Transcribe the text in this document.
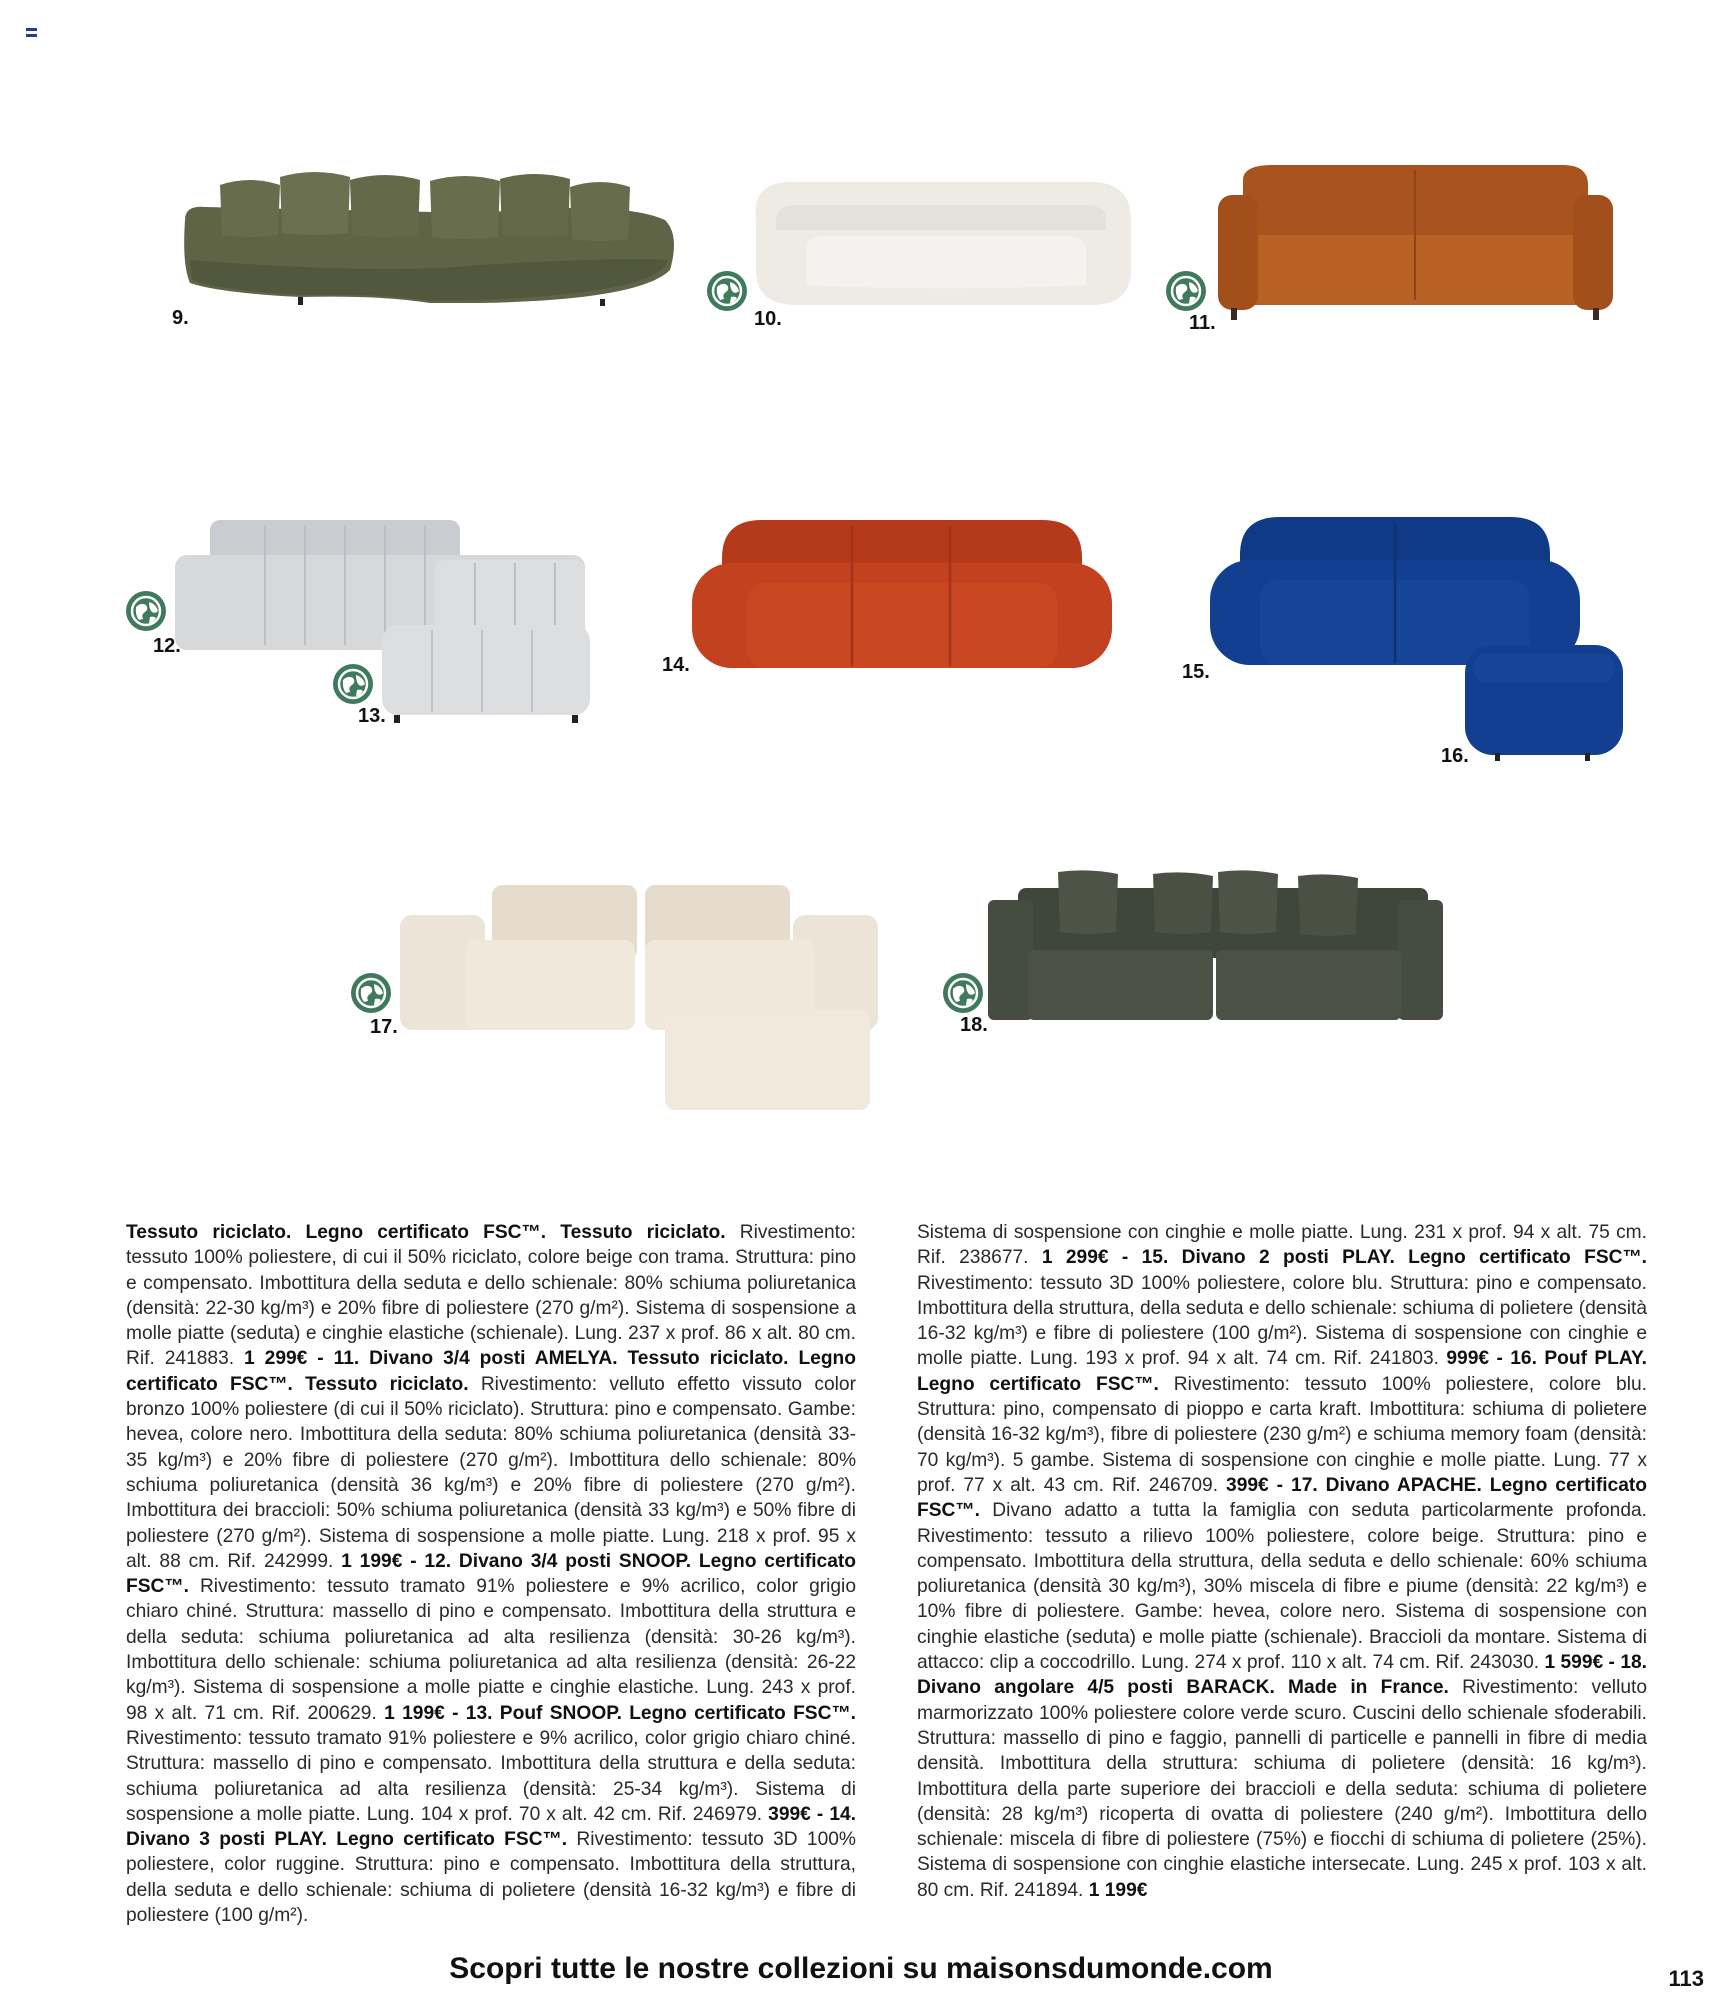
9.	10.	11.
12.
13.
14.	15.
16.
17.	18.
Tessuto riciclato. Legno certificato FSC™. Tessuto riciclato. Rivestimento: tessuto 100% poliestere, di cui il 50% riciclato, colore beige con trama. Struttura: pino e compensato. Imbottitura della seduta e dello schienale: 80% schiuma poliuretanica (densità: 22-30 kg/m³) e 20% fibre di poliestere (270 g/m²). Sistema di sospensione a molle piatte (seduta) e cinghie elastiche (schienale). Lung. 237 x prof. 86 x alt. 80 cm. Rif. 241883. 1 299€ - 11. Divano 3/4 posti AMELYA. Tessuto riciclato. Legno certificato FSC™. Tessuto riciclato. Rivestimento: velluto effetto vissuto color bronzo 100% poliestere (di cui il 50% riciclato). Struttura: pino e compensato. Gambe: hevea, colore nero. Imbottitura della seduta: 80% schiuma poliuretanica (densità 33-35 kg/m³) e 20% fibre di poliestere (270 g/m²). Imbottitura dello schienale: 80% schiuma poliuretanica (densità 36 kg/m³) e 20% fibre di poliestere (270 g/m²). Imbottitura dei braccioli: 50% schiuma poliuretanica (densità 33 kg/m³) e 50% fibre di poliestere (270 g/m²). Sistema di sospensione a molle piatte. Lung. 218 x prof. 95 x alt. 88 cm. Rif. 242999. 1 199€ - 12. Divano 3/4 posti SNOOP. Legno certificato FSC™. Rivestimento: tessuto tramato 91% poliestere e 9% acrilico, color grigio chiaro chiné. Struttura: massello di pino e compensato. Imbottitura della struttura e della seduta: schiuma poliuretanica ad alta resilienza (densità: 30-26 kg/m³). Imbottitura dello schienale: schiuma poliuretanica ad alta resilienza (densità: 26-22 kg/m³). Sistema di sospensione a molle piatte e cinghie elastiche. Lung. 243 x prof. 98 x alt. 71 cm. Rif. 200629. 1 199€ - 13. Pouf SNOOP. Legno certificato FSC™. Rivestimento: tessuto tramato 91% poliestere e 9% acrilico, color grigio chiaro chiné. Struttura: massello di pino e compensato. Imbottitura della struttura e della seduta: schiuma poliuretanica ad alta resilienza (densità: 25-34 kg/m³). Sistema di sospensione a molle piatte. Lung. 104 x prof. 70 x alt. 42 cm. Rif. 246979. 399€ - 14. Divano 3 posti PLAY. Legno certificato FSC™. Rivestimento: tessuto 3D 100% poliestere, color ruggine. Struttura: pino e compensato. Imbottitura della struttura, della seduta e dello schienale: schiuma di polietere (densità 16-32 kg/m³) e fibre di poliestere (100 g/m²).
Sistema di sospensione con cinghie e molle piatte. Lung. 231 x prof. 94 x alt. 75 cm. Rif. 238677. 1 299€ - 15. Divano 2 posti PLAY. Legno certificato FSC™. Rivestimento: tessuto 3D 100% poliestere, colore blu. Struttura: pino e compensato. Imbottitura della struttura, della seduta e dello schienale: schiuma di polietere (densità 16-32 kg/m³) e fibre di poliestere (100 g/m²). Sistema di sospensione con cinghie e molle piatte. Lung. 193 x prof. 94 x alt. 74 cm. Rif. 241803. 999€ - 16. Pouf PLAY. Legno certificato FSC™. Rivestimento: tessuto 100% poliestere, colore blu. Struttura: pino, compensato di pioppo e carta kraft. Imbottitura: schiuma di polietere (densità 16-32 kg/m³), fibre di poliestere (230 g/m²) e schiuma memory foam (densità: 70 kg/m³). 5 gambe. Sistema di sospensione con cinghie e molle piatte. Lung. 77 x prof. 77 x alt. 43 cm. Rif. 246709. 399€ - 17. Divano APACHE. Legno certificato FSC™. Divano adatto a tutta la famiglia con seduta particolarmente profonda. Rivestimento: tessuto a rilievo 100% poliestere, colore beige. Struttura: pino e compensato. Imbottitura della struttura, della seduta e dello schienale: 60% schiuma poliuretanica (densità 30 kg/m³), 30% miscela di fibre e piume (densità: 22 kg/m³) e 10% fibre di poliestere. Gambe: hevea, colore nero. Sistema di sospensione con cinghie elastiche (seduta) e molle piatte (schienale). Braccioli da montare. Sistema di attacco: clip a coccodrillo. Lung. 274 x prof. 110 x alt. 74 cm. Rif. 243030. 1 599€ - 18. Divano angolare 4/5 posti BARACK. Made in France. Rivestimento: velluto marmorizzato 100% poliestere colore verde scuro. Cuscini dello schienale sfoderabili. Struttura: massello di pino e faggio, pannelli di particelle e pannelli in fibre di media densità. Imbottitura della struttura: schiuma di polietere (densità: 16 kg/m³). Imbottitura della parte superiore dei braccioli e della seduta: schiuma di polietere (densità: 28 kg/m³) ricoperta di ovatta di poliestere (240 g/m²). Imbottitura dello schienale: miscela di fibre di poliestere (75%) e fiocchi di schiuma di polietere (25%). Sistema di sospensione con cinghie elastiche intersecate. Lung. 245 x prof. 103 x alt. 80 cm. Rif. 241894. 1 199€
Scopri tutte le nostre collezioni su maisonsdumonde.com	113
